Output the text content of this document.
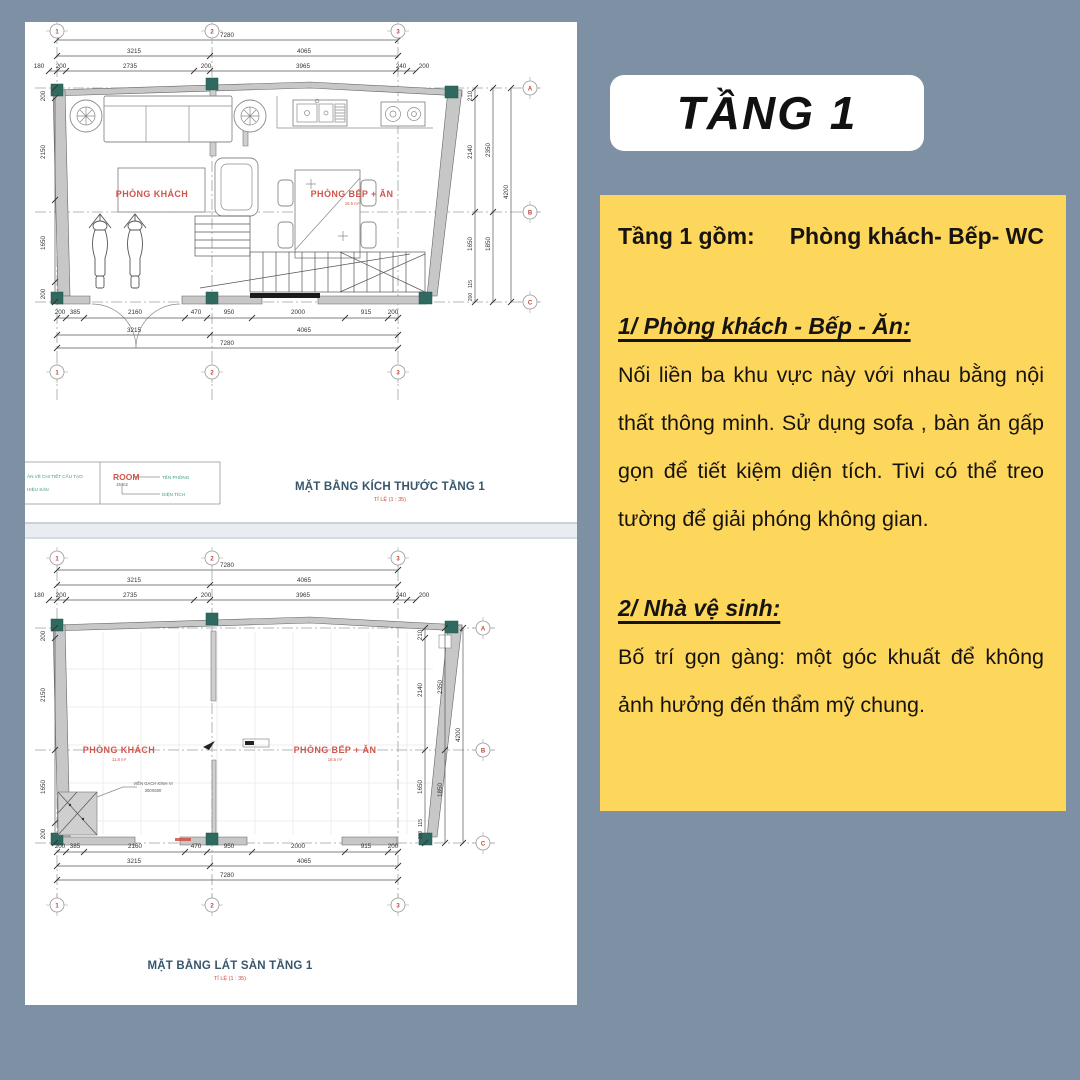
PHÒNG KHÁCH	PHÒNG BẾP + ĂN
16.5 m²
7280
3215	4065
180 200	2735	200	3965	240 200
200 385	2160	470	950	2000	915	200
3215	4065
7280
200
2150
1650
200
210
2140
1650
115
200
2350
1850
4200
1	2	3
1	2	3
A
B
C
ẢN VẼ CHI TIẾT CẤU TẠO
HIỆU SÀN
ROOM
15 m2
TÊN PHÒNG
DIỆN TÍCH
MẶT BẰNG KÍCH THƯỚC TẦNG 1
TỈ LỆ (1 : 35)
VIỀN GẠCH KÍNH VI
300X600
PHÒNG KHÁCH
11.8 m²
PHÒNG BẾP + ĂN
16.5 m²
7280
3215	4065
180 200	2735	200	3965	240 200
200 385	2160	470	950	2000	915	200
3215	4065
7280
200
2150
1650
200
210
2140
1650
115
200
2350
1850
4200
1	2	3
1	2	3
A
B
C
MẶT BẰNG LÁT SÀN TẦNG 1
TỈ LỆ (1 : 35)
TẦNG 1
Tầng 1 gồm: Phòng khách- Bếp- WC
1/ Phòng khách - Bếp - Ăn:
Nối liền ba khu vực này với nhau bằng nội thất thông minh. Sử dụng sofa , bàn ăn gấp gọn để tiết kiệm diện tích. Tivi có thể treo tường để giải phóng không gian.
2/ Nhà vệ sinh:
Bố trí gọn gàng: một góc khuất để không ảnh hưởng đến thẩm mỹ chung.
